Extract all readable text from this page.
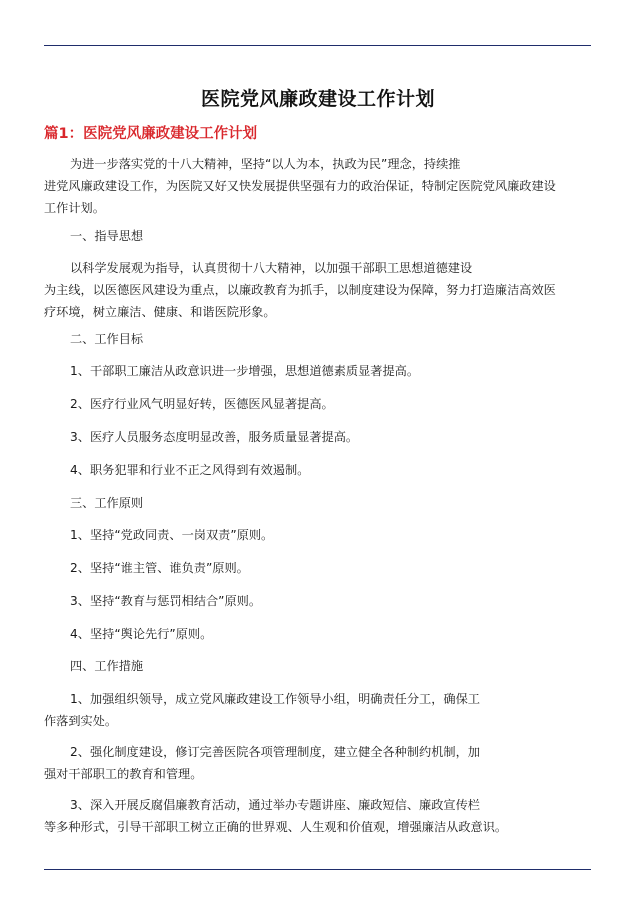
医院党风廉政建设工作计划
篇1：医院党风廉政建设工作计划

为进一步落实党的十八大精神，坚持“以人为本，执政为民”理念，持续推
进党风廉政建设工作，为医院又好又快发展提供坚强有力的政治保证，特制定医院党风廉政建设
工作计划。

一、指导思想

以科学发展观为指导，认真贯彻十八大精神，以加强干部职工思想道德建设
为主线，以医德医风建设为重点，以廉政教育为抓手，以制度建设为保障，努力打造廉洁高效医
疗环境，树立廉洁、健康、和谐医院形象。

二、工作目标

1、干部职工廉洁从政意识进一步增强，思想道德素质显著提高。

2、医疗行业风气明显好转，医德医风显著提高。

3、医疗人员服务态度明显改善，服务质量显著提高。

4、职务犯罪和行业不正之风得到有效遏制。

三、工作原则

1、坚持“党政同责、一岗双责”原则。

2、坚持“谁主管、谁负责”原则。

3、坚持“教育与惩罚相结合”原则。

4、坚持“舆论先行”原则。

四、工作措施

1、加强组织领导，成立党风廉政建设工作领导小组，明确责任分工，确保工
作落到实处。

2、强化制度建设，修订完善医院各项管理制度，建立健全各种制约机制，加
强对干部职工的教育和管理。

3、深入开展反腐倡廉教育活动，通过举办专题讲座、廉政短信、廉政宣传栏
等多种形式，引导干部职工树立正确的世界观、人生观和价值观，增强廉洁从政意识。
